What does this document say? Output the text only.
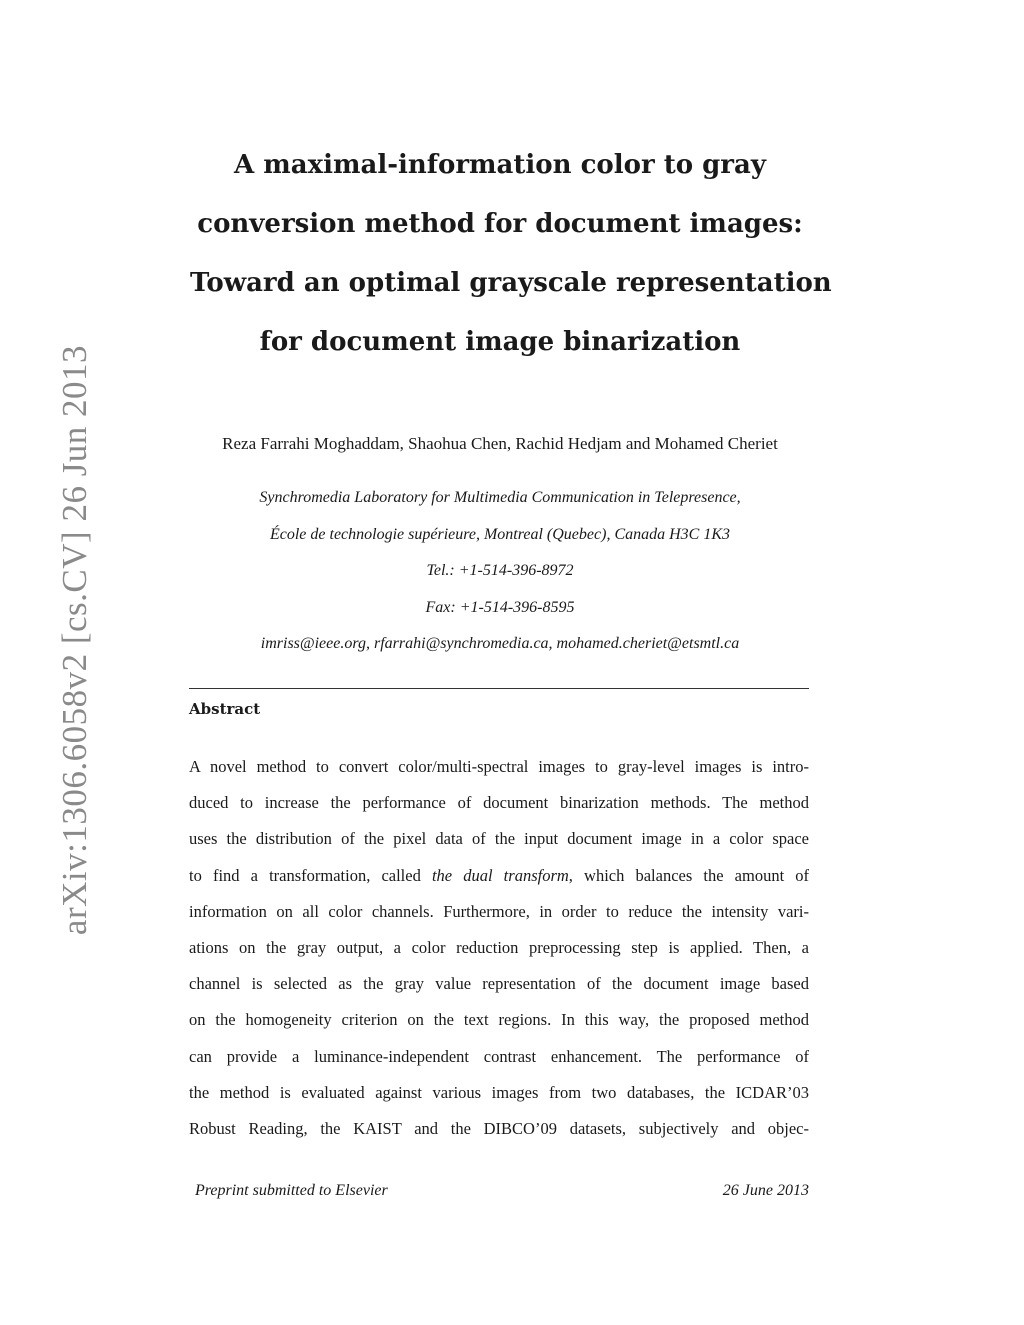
arXiv:1306.6058v2 [cs.CV] 26 Jun 2013
A maximal-information color to gray
conversion method for document images:
Toward an optimal grayscale representation
for document image binarization
Reza Farrahi Moghaddam, Shaohua Chen, Rachid Hedjam and Mohamed Cheriet
Synchromedia Laboratory for Multimedia Communication in Telepresence,
École de technologie supérieure, Montreal (Quebec), Canada H3C 1K3
Tel.: +1-514-396-8972
Fax: +1-514-396-8595
imriss@ieee.org, rfarrahi@synchromedia.ca, mohamed.cheriet@etsmtl.ca
Abstract
A novel method to convert color/multi-spectral images to gray-level images is intro-
duced to increase the performance of document binarization methods. The method
uses the distribution of the pixel data of the input document image in a color space
to find a transformation, called the dual transform, which balances the amount of
information on all color channels. Furthermore, in order to reduce the intensity vari-
ations on the gray output, a color reduction preprocessing step is applied. Then, a
channel is selected as the gray value representation of the document image based
on the homogeneity criterion on the text regions. In this way, the proposed method
can provide a luminance-independent contrast enhancement. The performance of
the method is evaluated against various images from two databases, the ICDAR’03
Robust Reading, the KAIST and the DIBCO’09 datasets, subjectively and objec-
Preprint submitted to Elsevier	26 June 2013
